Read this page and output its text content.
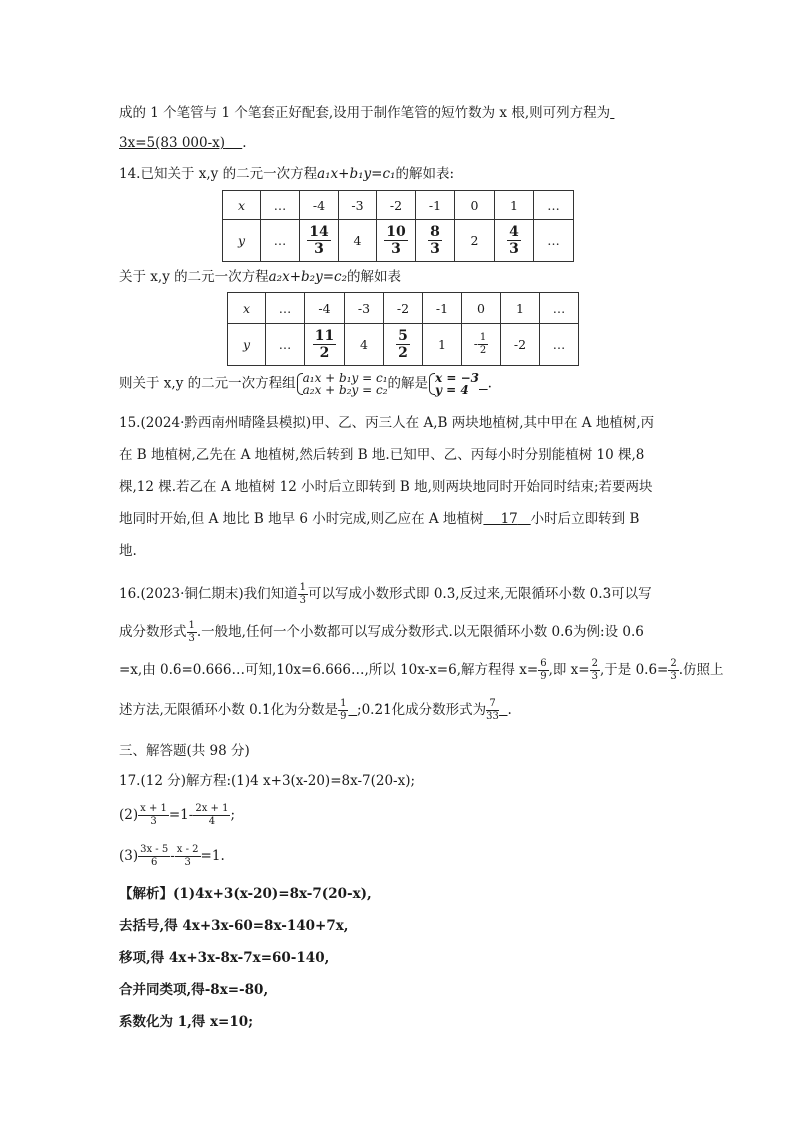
成的 1 个笔管与 1 个笔套正好配套,设用于制作笔管的短竹数为 x 根,则可列方程为
3x=5(83 000-x) .
14.已知关于 x,y 的二元一次方程a₁x+b₁y=c₁的解如表:
x	…	-4	-3	-2	-1	0	1	…
y	…	$\frac{14}{3}$	4	$\frac{10}{3}$	$\frac{8}{3}$	2	$\frac{4}{3}$	…
关于 x,y 的二元一次方程a₂x+b₂y=c₂的解如表
x	…	-4	-3	-2	-1	0	1	…
y	…	$\frac{11}{2}$	4	$\frac{5}{2}$	1	- $\frac{1}{2}$	-2	…
则关于 x,y 的二元一次方程组 a₁x + b₁y = c₁
a₂x + b₂y = c₂的解是 x = −3
y = 4 .
15.(2024·黔西南州晴隆县模拟)甲、乙、丙三人在 A,B 两块地植树,其中甲在 A 地植树,丙
在 B 地植树,乙先在 A 地植树,然后转到 B 地.已知甲、乙、丙每小时分别能植树 10 棵,8
棵,12 棵.若乙在 A 地植树 12 小时后立即转到 B 地,则两块地同时开始同时结束;若要两块
地同时开始,但 A 地比 B 地早 6 小时完成,则乙应在 A 地植树 17 小时后立即转到 B
地.
16.(2023·铜仁期末)我们知道 $\frac{1}{3}$ 可以写成小数形式即 0.3 ·,反过来,无限循环小数 0.3 ·可以写
成分数形式 $\frac{1}{3}$ .一般地,任何一个小数都可以写成分数形式.以无限循环小数 0.6 ·为例:设 0.6 ·
=x,由 0.6 ·=0.666…可知,10x=6.666…,所以 10x-x=6,解方程得 $x= \frac{6}{9}$ ,即 $x= \frac{2}{3}$ ,于是 $0.6 \cdot= \frac{2}{3}$ .仿照上
述方法,无限循环小数 0.1 ·化为分数是 $\frac{1}{9}$ ;0.2 ·1 ·化成分数形式为 $\frac{7}{33}$ .
三、解答题(共 98 分)
17.(12 分)解方程:(1)4 x+3(x-20)=8x-7(20-x);
$(2) \frac{x + 1}{3} =1- \frac{2x + 1}{4}$ ;
$(3) \frac{3x - 5}{6} - \frac{x - 2}{3} =1$.
【解析】(1)4x+3(x-20)=8x-7(20-x),
去括号,得 4x+3x-60=8x-140+7x,
移项,得 4x+3x-8x-7x=60-140,
合并同类项,得-8x=-80,
系数化为 1,得 x=10;
